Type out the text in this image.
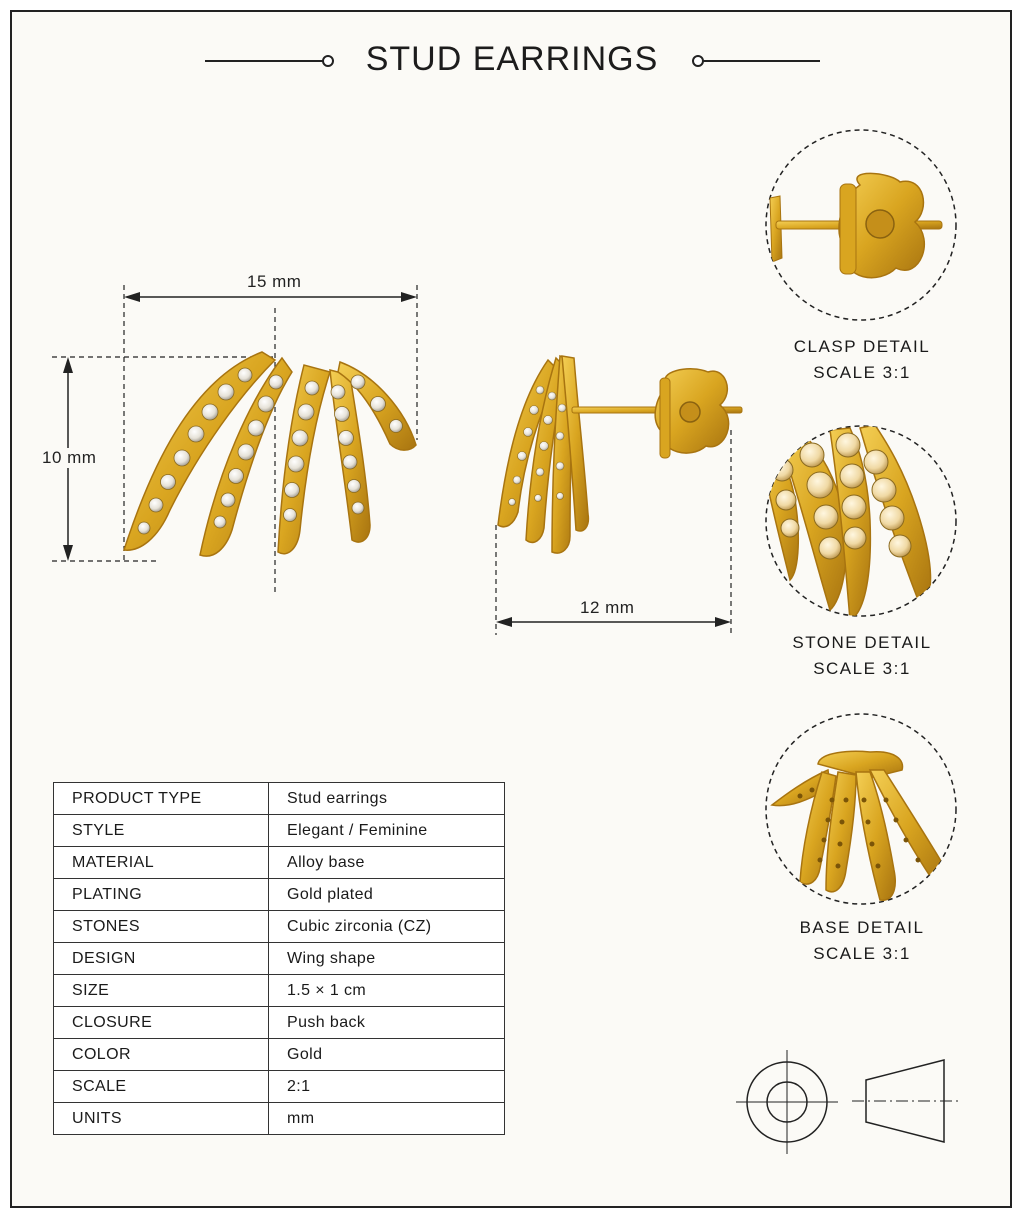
STUD EARRINGS
15 mm
10 mm
12 mm
CLASP DETAIL
SCALE 3:1
STONE DETAIL
SCALE 3:1
BASE DETAIL
SCALE 3:1
PRODUCT TYPE	Stud earrings
STYLE	Elegant / Feminine
MATERIAL	Alloy base
PLATING	Gold plated
STONES	Cubic zirconia (CZ)
DESIGN	Wing shape
SIZE	1.5 × 1 cm
CLOSURE	Push back
COLOR	Gold
SCALE	2:1
UNITS	mm
